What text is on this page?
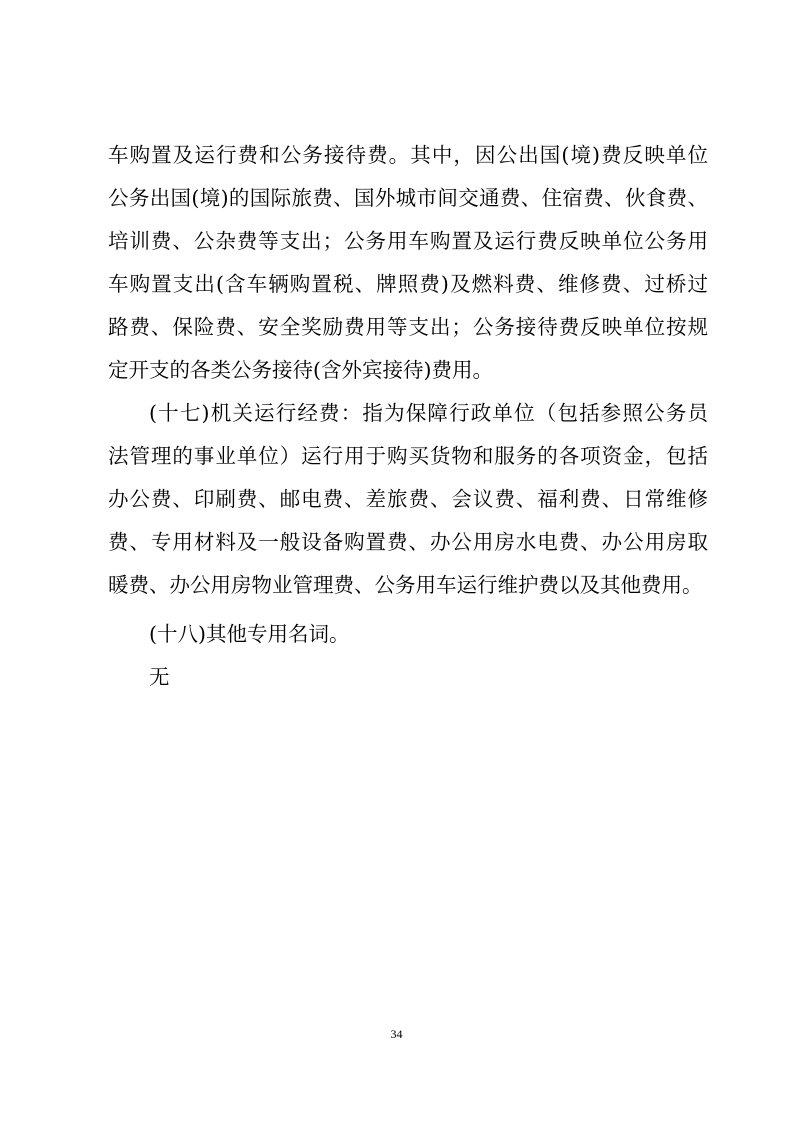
车购置及运行费和公务接待费。其中，因公出国(境)费反映单位
公务出国(境)的国际旅费、国外城市间交通费、住宿费、伙食费、
培训费、公杂费等支出；公务用车购置及运行费反映单位公务用
车购置支出(含车辆购置税、牌照费)及燃料费、维修费、过桥过
路费、保险费、安全奖励费用等支出；公务接待费反映单位按规
定开支的各类公务接待(含外宾接待)费用。
(十七)机关运行经费：指为保障行政单位（包括参照公务员
法管理的事业单位）运行用于购买货物和服务的各项资金，包括
办公费、印刷费、邮电费、差旅费、会议费、福利费、日常维修
费、专用材料及一般设备购置费、办公用房水电费、办公用房取
暖费、办公用房物业管理费、公务用车运行维护费以及其他费用。
(十八)其他专用名词。
无
34
